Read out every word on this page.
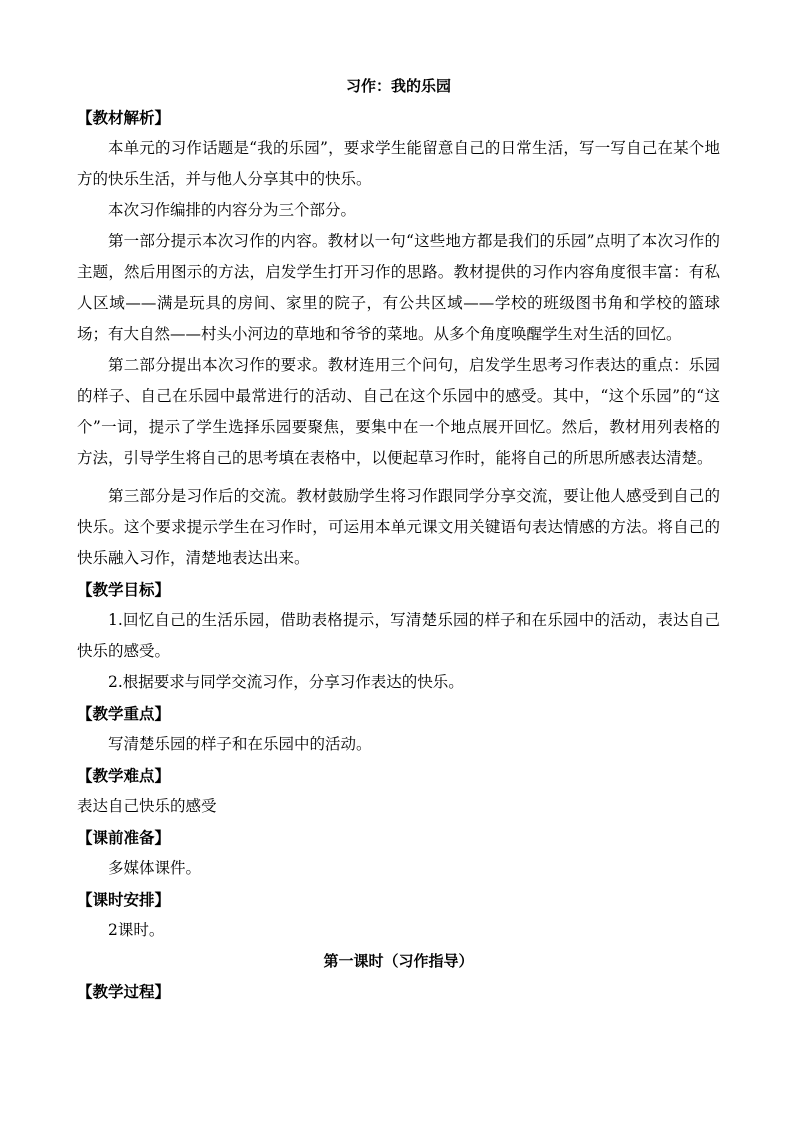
习作：我的乐园
【教材解析】

本单元的习作话题是“我的乐园”，要求学生能留意自己的日常生活，写一写自己在某个地方的快乐生活，并与他人分享其中的快乐。

本次习作编排的内容分为三个部分。

第一部分提示本次习作的内容。教材以一句“这些地方都是我们的乐园”点明了本次习作的主题，然后用图示的方法，启发学生打开习作的思路。教材提供的习作内容角度很丰富：有私人区域——满是玩具的房间、家里的院子，有公共区域——学校的班级图书角和学校的篮球场；有大自然——村头小河边的草地和爷爷的菜地。从多个角度唤醒学生对生活的回忆。

第二部分提出本次习作的要求。教材连用三个问句，启发学生思考习作表达的重点：乐园的样子、自己在乐园中最常进行的活动、自己在这个乐园中的感受。其中，“这个乐园”的“这个”一词，提示了学生选择乐园要聚焦，要集中在一个地点展开回忆。然后，教材用列表格的方法，引导学生将自己的思考填在表格中，以便起草习作时，能将自己的所思所感表达清楚。

第三部分是习作后的交流。教材鼓励学生将习作跟同学分享交流，要让他人感受到自己的快乐。这个要求提示学生在习作时，可运用本单元课文用关键语句表达情感的方法。将自己的快乐融入习作，清楚地表达出来。

【教学目标】

1.回忆自己的生活乐园，借助表格提示，写清楚乐园的样子和在乐园中的活动，表达自己快乐的感受。

2.根据要求与同学交流习作，分享习作表达的快乐。

【教学重点】

写清楚乐园的样子和在乐园中的活动。

【教学难点】

表达自己快乐的感受

【课前准备】

多媒体课件。

【课时安排】

2课时。

第一课时（习作指导）
【教学过程】
